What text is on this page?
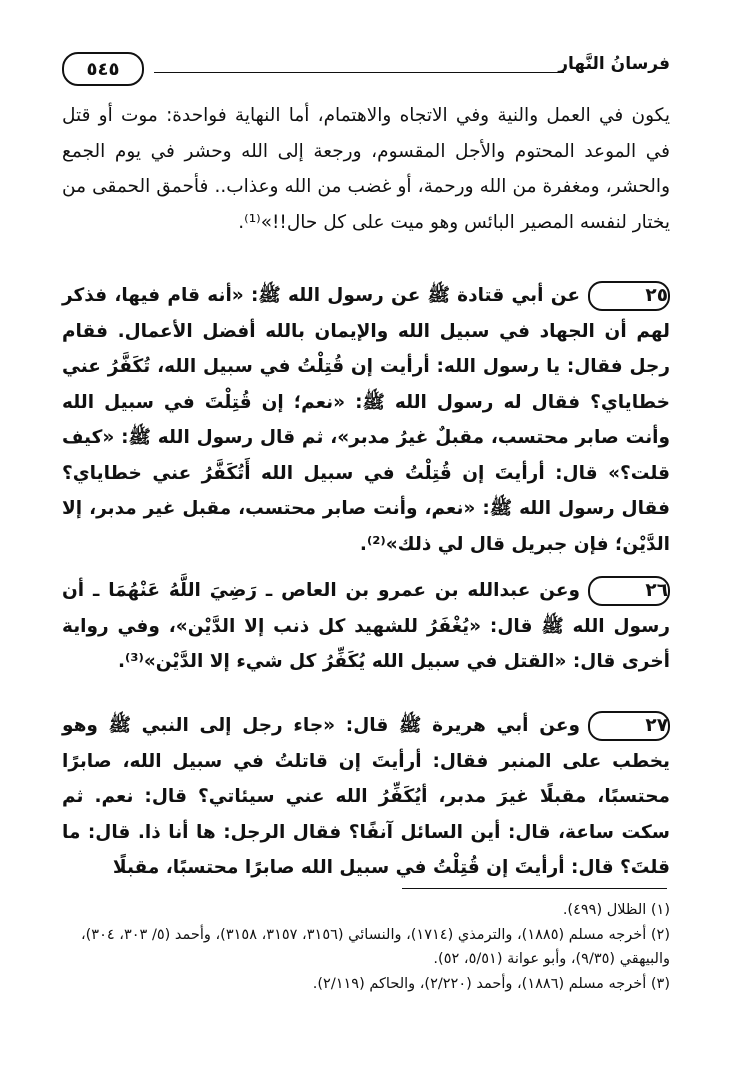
٥٤٥	فرسانُ النَّهار

يكون في العمل والنية وفي الاتجاه والاهتمام، أما النهاية فواحدة: موت أو قتل في الموعد المحتوم والأجل المقسوم، ورجعة إلى الله وحشر في يوم الجمع والحشر، ومغفرة من الله ورحمة، أو غضب من الله وعذاب.. فأحمق الحمقى من يختار لنفسه المصير البائس وهو ميت على كل حال!!»⁽¹⁾.

٢٥عن أبي قتادة ﷺ عن رسول الله ﷺ: «أنه قام فيها، فذكر لهم أن الجهاد في سبيل الله والإيمان بالله أفضل الأعمال. فقام رجل فقال: يا رسول الله: أرأيت إن قُتِلْتُ في سبيل الله، تُكَفَّرُ عني خطاياي؟ فقال له رسول الله ﷺ: «نعم؛ إن قُتِلْتَ في سبيل الله وأنت صابر محتسب، مقبلٌ غيرُ مدبر»، ثم قال رسول الله ﷺ: «كيف قلت؟» قال: أرأيتَ إن قُتِلْتُ في سبيل الله أَتُكَفَّرُ عني خطاياي؟ فقال رسول الله ﷺ: «نعم، وأنت صابر محتسب، مقبل غير مدبر، إلا الدَّيْن؛ فإن جبريل قال لي ذلك»⁽²⁾.

٢٦وعن عبدالله بن عمرو بن العاص ـ رَضِيَ اللَّهُ عَنْهُمَا ـ أن رسول الله ﷺ قال: «يُغْفَرُ للشهيد كل ذنب إلا الدَّيْن»، وفي رواية أخرى قال: «القتل في سبيل الله يُكَفِّرُ كل شيء إلا الدَّيْن»⁽³⁾.

٢٧وعن أبي هريرة ﷺ قال: «جاء رجل إلى النبي ﷺ وهو يخطب على المنبر فقال: أرأيتَ إن قاتلتُ في سبيل الله، صابرًا محتسبًا، مقبلًا غيرَ مدبر، أيُكَفِّرُ الله عني سيئاتي؟ قال: نعم. ثم سكت ساعة، قال: أين السائل آنفًا؟ فقال الرجل: ها أنا ذا. قال: ما قلتَ؟ قال: أرأيتَ إن قُتِلْتُ في سبيل الله صابرًا محتسبًا، مقبلًا

(١) الظلال (٤٩٩).

(٢) أخرجه مسلم (١٨٨٥)، والترمذي (١٧١٤)، والنسائي (٣١٥٦، ٣١٥٧، ٣١٥٨)، وأحمد (٥/ ٣٠٣، ٣٠٤)، والبيهقي (٩/٣٥)، وأبو عوانة (٥/٥١، ٥٢).

(٣) أخرجه مسلم (١٨٨٦)، وأحمد (٢/٢٢٠)، والحاكم (٢/١١٩).
